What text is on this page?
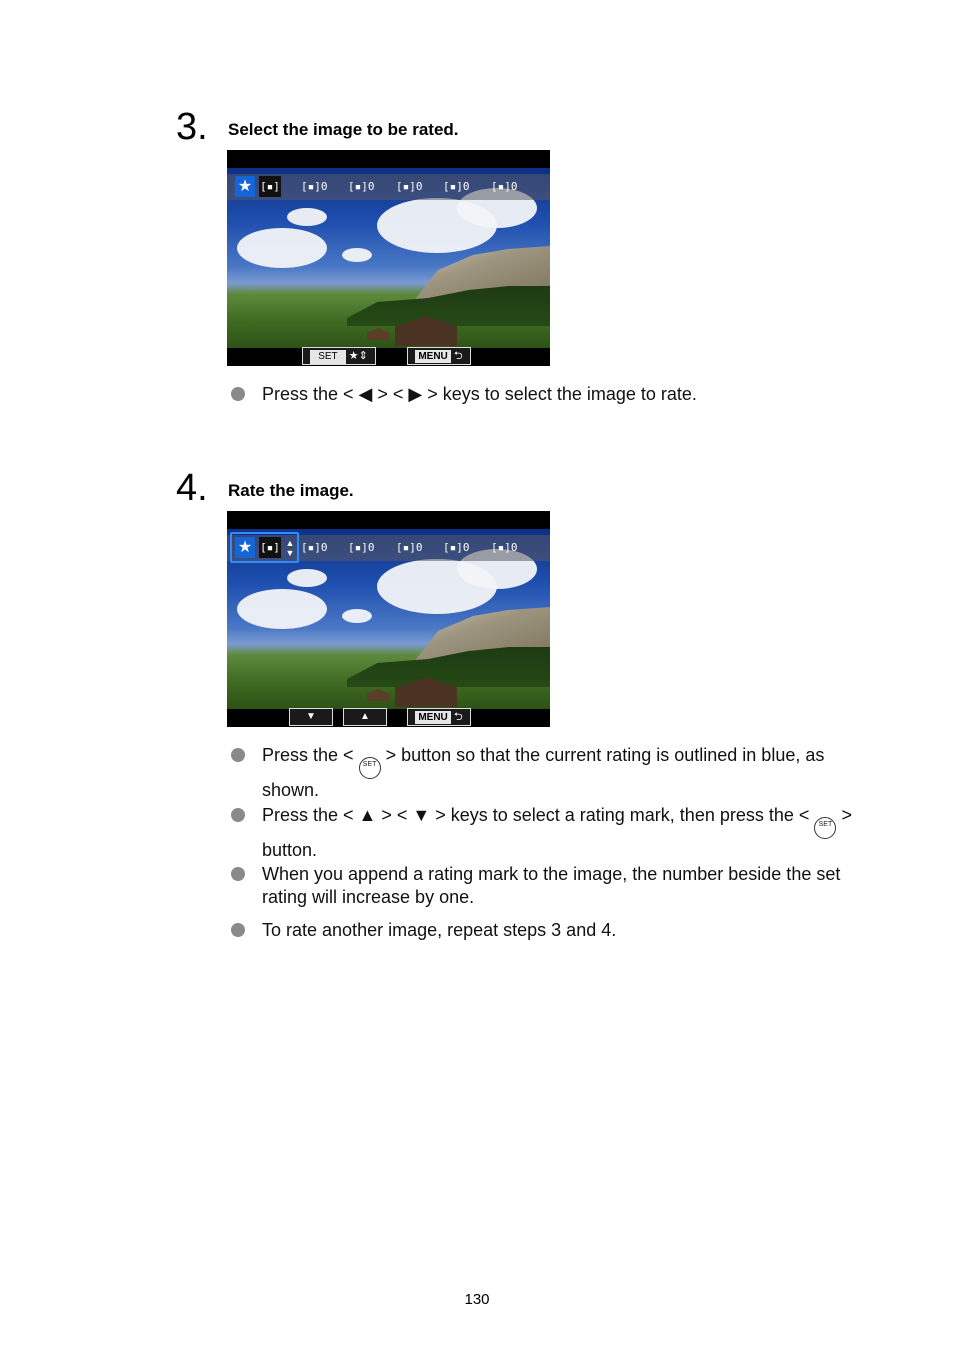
3. Select the image to be rated.
★ [▪] [▪]0 [▪]0 [▪]0 [▪]0 [▪]0
SET ★⇕	MENU ⮌
Press the < ◀ > < ▶ > keys to select the image to rate.
4. Rate the image.
★ [▪] ▲
▼ [▪]0 [▪]0 [▪]0 [▪]0 [▪]0
▼	▲	MENU ⮌
Press the < SET > button so that the current rating is outlined in blue, as shown.
Press the < ▲ > < ▼ > keys to select a rating mark, then press the < SET > button.
When you append a rating mark to the image, the number beside the set rating will increase by one.
To rate another image, repeat steps 3 and 4.
130
